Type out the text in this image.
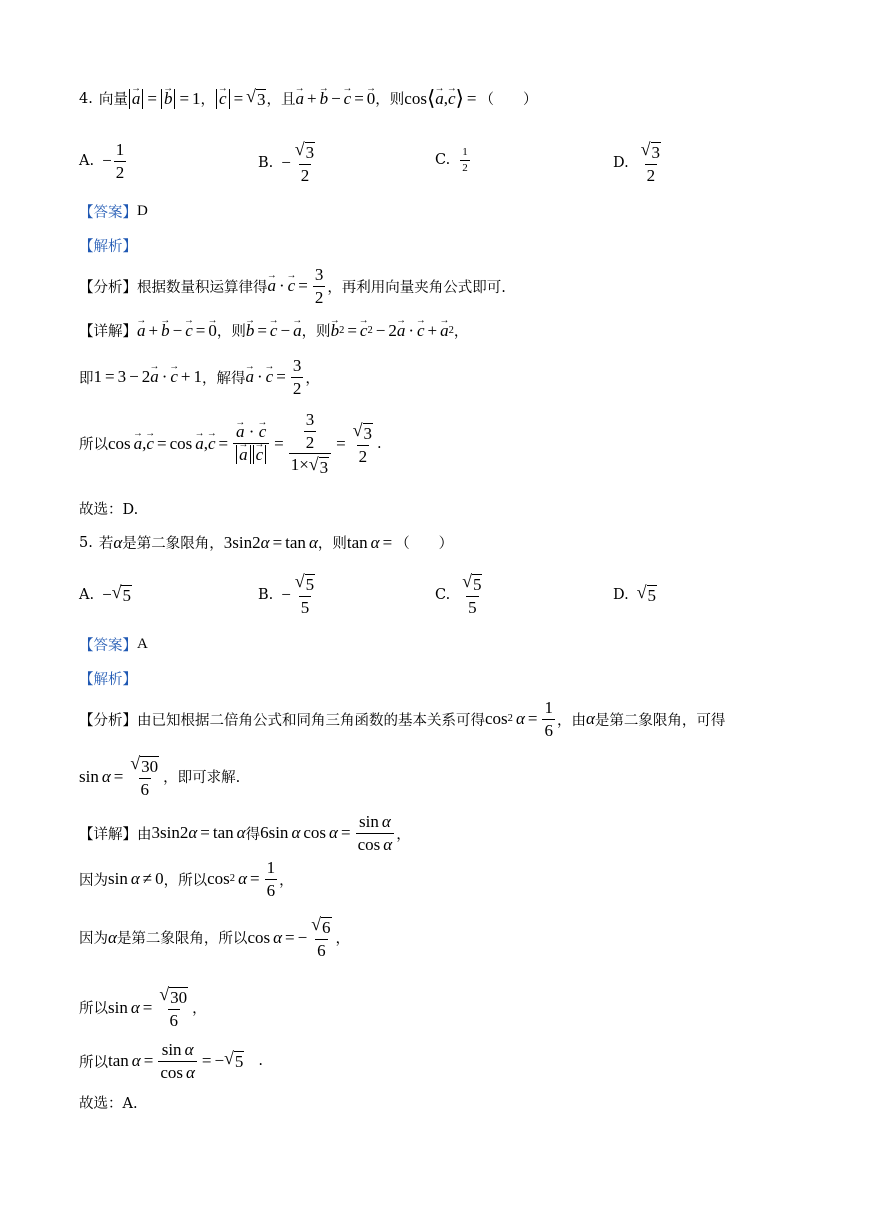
4. 向量 → a = → b = 1 ， → c = √ 3 ，且 → a + → b − → c = → 0 ，则 cos ⟨ → a , → c ⟩ = （　　）
A. − $\frac{1}{2}$	B. − $\frac{√ 3}{2}$	C. $\frac{1}{2}$	D. $\frac{√ 3}{2}$
【答案】 D
【解析】
【分析】 根据数量积运算律得 → a · → $c = \frac{3}{2}$ ，再利用向量夹角公式即可.
【详解】 → a + → b − → c = → 0 ，则 → b = → c − → a ，则 → b 2 = → c 2 − 2 → a · → c + → a 2 ，
即 1 = 3 − 2 → a · → c + 1 ，解得 → a · → $c = \frac{3}{2}$ ，
所以 cos → a , → c = cos → a , → c = → a · → c
→ $a \to c = \frac{\frac{3}{2}}{1\times √ 3} = \frac{√ 3}{2}$ .
故选：D.
5. 若 α 是第二象限角， 3sin2 α = tan α ，则 tan α = （　　）
A. − √ 5	B. − $\frac{√ 5}{5}$	C. $\frac{√ 5}{5}$	D. √ 5
【答案】 A
【解析】
【分析】 由已知根据二倍角公式和同角三角函数的基本关系可得 cos 2 $\alpha = \frac{1}{6}$ ，由 α 是第二象限角，可得
$\sin \alpha = \frac{√ 30}{6}$ ，即可求解.
【详解】 由 3sin2 α = tan α 得 6sin α $\cos \alpha = \frac{\text{sin α}}{\text{cos α}}$ ，
因为 sin α ≠ 0 ，所以 cos 2 $\alpha = \frac{1}{6}$ ，
因为 α 是第二象限角，所以 cos α = − $\frac{√ 6}{6}$ ，
所以 $\sin \alpha = \frac{√ 30}{6}$ ，
所以 $\tan \alpha = \frac{\text{sin α}}{\text{cos α}}$ = − √ 5 .
故选：A.
